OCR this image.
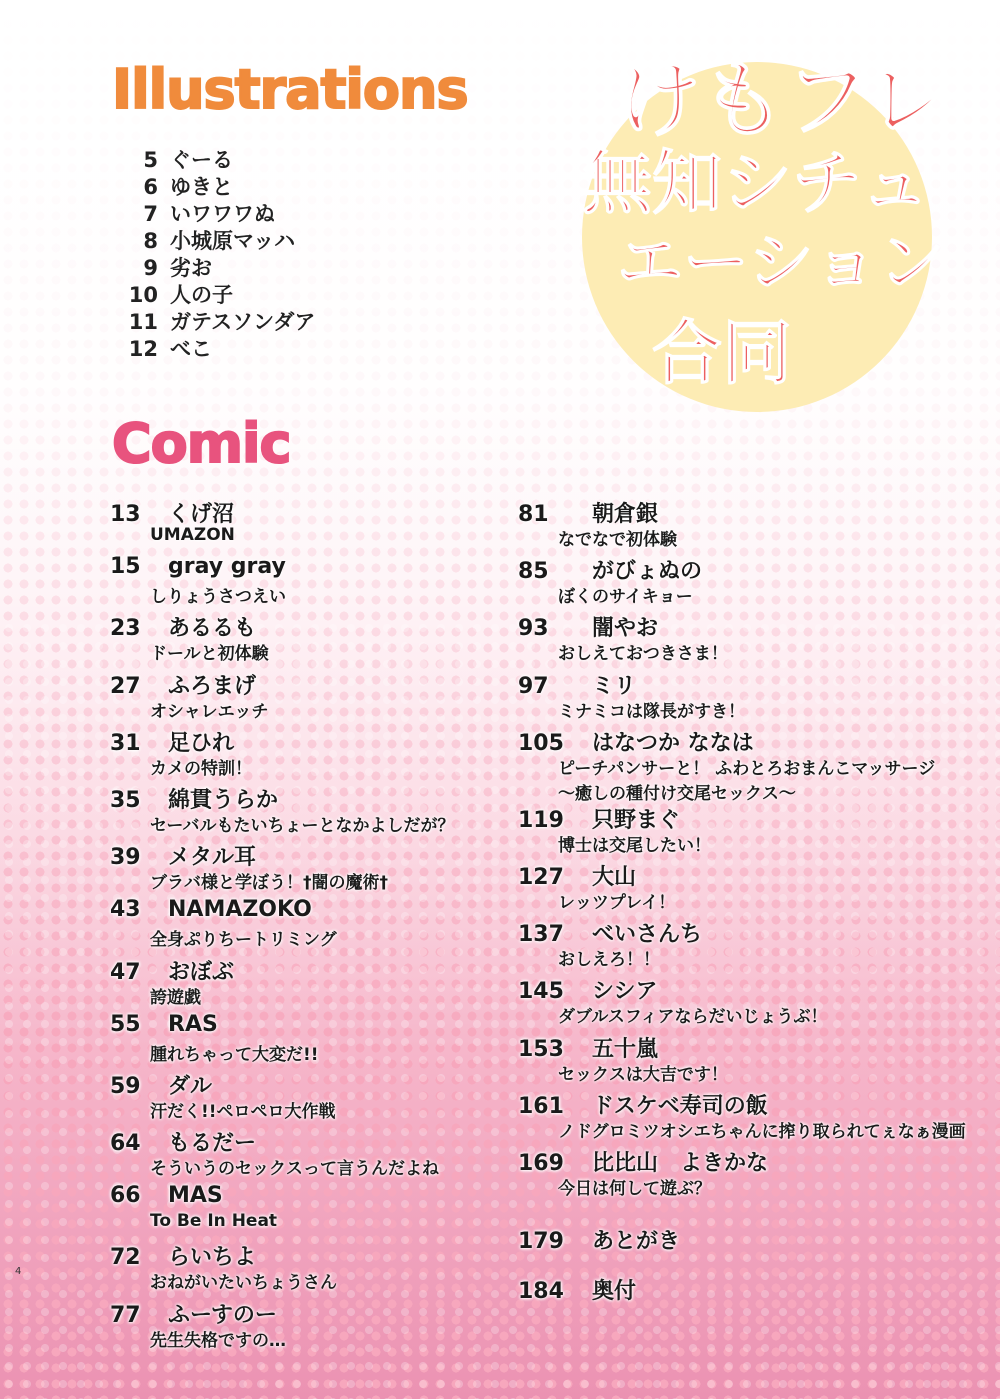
Illustrations けもフレ
無知シチュ
エーション
合同
5 ぐーる
6 ゆきと
7 いワワワぬ
8 小城原マッハ
9 劣お
10 人の子
11 ガテスソンダア
12 べこ
Comic
13 くげ沼
UMAZON
15 gray gray
しりょうさつえい
23 あるるも
ドールと初体験
27 ふろまげ
オシャレエッチ
31 足ひれ
カメの特訓！
35 綿貫うらか
セーバルもたいちょーとなかよしだが？
39 メタル耳
ブラバ様と学ぼう！†闇の魔術†
43 NAMAZOKO
全身ぷりちートリミング
47 おぼぶ
誇遊戯
55 RAS
腫れちゃって大変だ!!
59 ダル
汗だく!!ペロペロ大作戦
64 もるだー
そういうのセックスって言うんだよね
66 MAS
To Be In Heat
72 らいちよ
おねがいたいちょうさん
77 ふーすのー
先生失格ですの…
81 朝倉銀
なでなで初体験
85 がびょぬの
ぼくのサイキョー
93 闇やお
おしえておつきさま！
97 ミリ
ミナミコは隊長がすき！
105 はなつか ななは
ピーチパンサーと！ ふわとろおまんこマッサージ
～癒しの種付け交尾セックス～
119 只野まぐ
博士は交尾したい！
127 大山
レッツプレイ！
137 べいさんち
おしえろ！！
145 シシア
ダブルスフィアならだいじょうぶ！
153 五十嵐
セックスは大吉です！
161 ドスケベ寿司の飯
ノドグロミツオシエちゃんに搾り取られてぇなぁ漫画
169 比比山　よきかな
今日は何して遊ぶ？
179 あとがき
184 奥付
4
